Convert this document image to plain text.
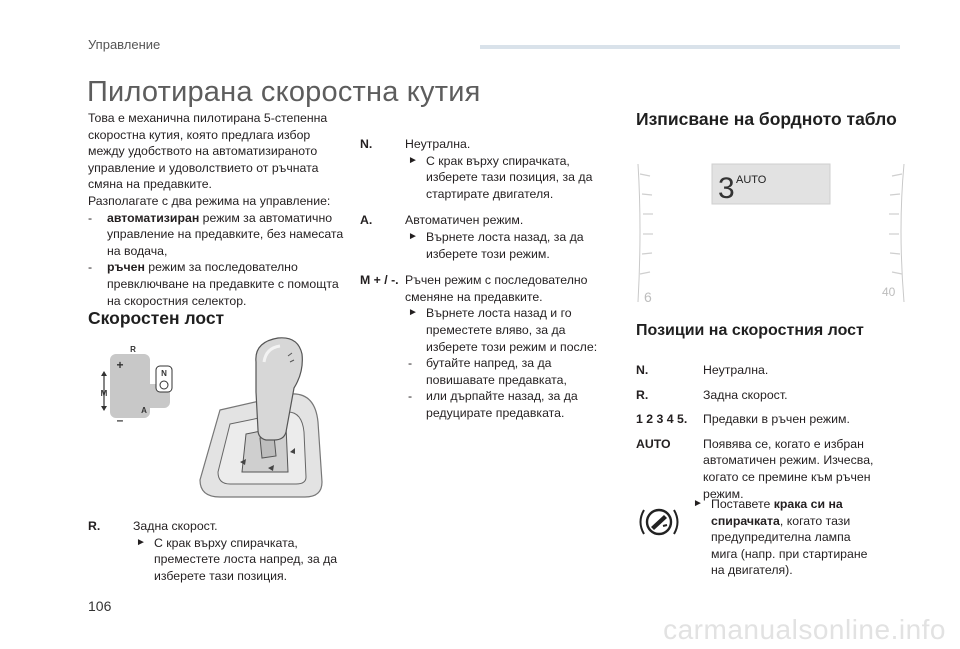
Управление
Пилотирана скоростна кутия
Това е механична пилотирана 5-степенна скоростна кутия, която предлага избор между удобството на автоматизираното управление и удоволствието от ръчната смяна на предавките.
Разполагате с два режима на управление:
- автоматизиран режим за автоматично управление на предавките, без намесата на водача,
- ръчен режим за последователно превключване на предавките с помощта на скоростния селектор.
Скоростен лост
R
+
M
A
–
N
R.	Задна скорост.
► С крак върху спирачката, преместете лоста напред, за да изберете тази позиция.
N.	Неутрална.
► С крак върху спирачката, изберете тази позиция, за да стартирате двигателя.
A.	Автоматичен режим.
► Върнете лоста назад, за да изберете този режим.
M + / -. Ръчен режим с последователно сменяне на предавките.
► Върнете лоста назад и го преместете вляво, за да изберете този режим и после:
- бутайте напред, за да повишавате предавката,
- или дърпайте назад, за да редуцирате предавката.
Изписване на бордното табло
6	40
3 AUTO
Позиции на скоростния лост
N.	Неутрална.
R.	Задна скорост.
1 2 3 4 5.	Предавки в ръчен режим.
AUTO	Появява се, когато е избран автоматичен режим. Изчесва, когато се премине към ръчен режим.
► Поставете крака си на спирачката, когато тази предупредителна лампа мига (напр. при стартиране на двигателя).
106
carmanualsonline.info
